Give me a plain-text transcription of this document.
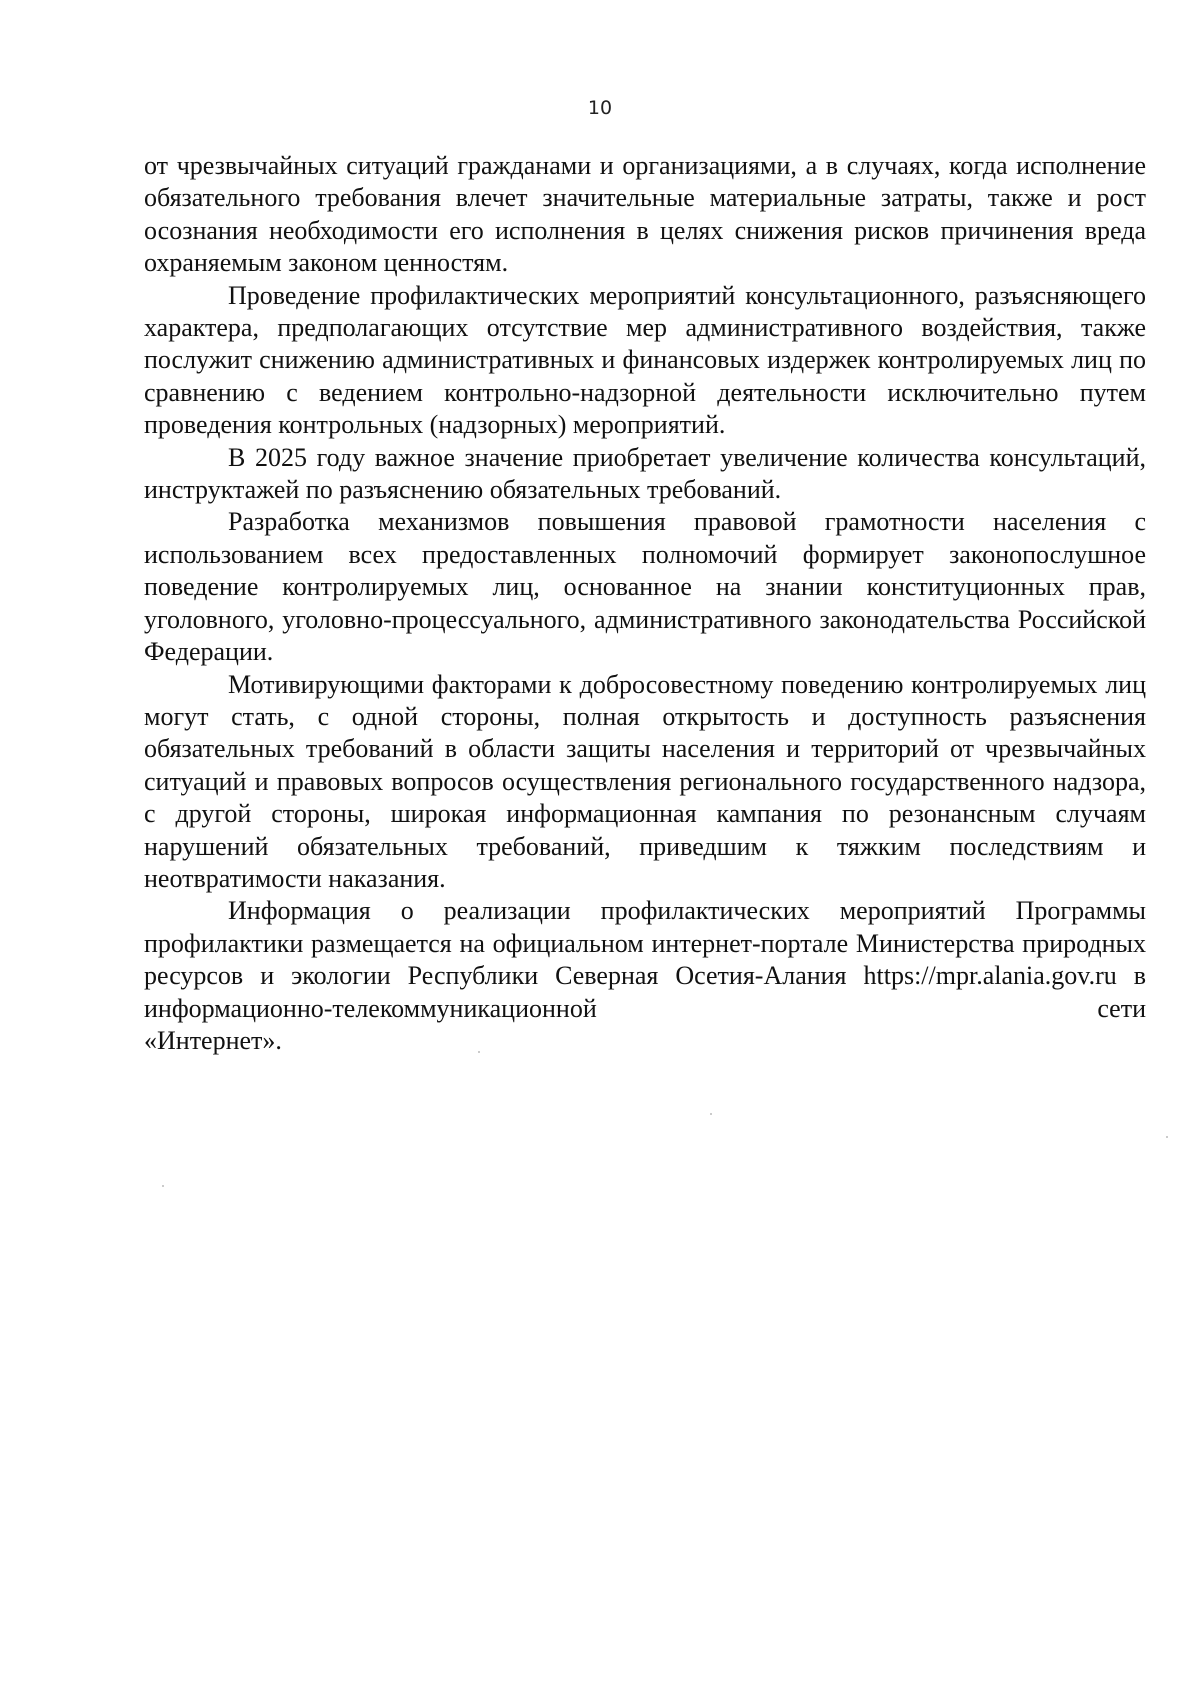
10

от чрезвычайных ситуаций гражданами и организациями, а в случаях, когда исполнение обязательного требования влечет значительные материальные затраты, также и рост осознания необходимости его исполнения в целях снижения рисков причинения вреда охраняемым законом ценностям.

Проведение профилактических мероприятий консультационного, разъясняющего характера, предполагающих отсутствие мер административного воздействия, также послужит снижению административных и финансовых издержек контролируемых лиц по сравнению с ведением контрольно-надзорной деятельности исключительно путем проведения контрольных (надзорных) мероприятий.

В 2025 году важное значение приобретает увеличение количества консультаций, инструктажей по разъяснению обязательных требований.

Разработка механизмов повышения правовой грамотности населения с использованием всех предоставленных полномочий формирует законопослушное поведение контролируемых лиц, основанное на знании конституционных прав, уголовного, уголовно-процессуального, административного законодательства Российской Федерации.

Мотивирующими факторами к добросовестному поведению контролируемых лиц могут стать, с одной стороны, полная открытость и доступность разъяснения обязательных требований в области защиты населения и территорий от чрезвычайных ситуаций и правовых вопросов осуществления регионального государственного надзора, с другой стороны, широкая информационная кампания по резонансным случаям нарушений обязательных требований, приведшим к тяжким последствиям и неотвратимости наказания.

Информация о реализации профилактических мероприятий Программы профилактики размещается на официальном интернет-портале Министерства природных ресурсов и экологии Республики Северная Осетия-Алания https://mpr.alania.gov.ru в информационно-телекоммуникационной сети

«Интернет».
